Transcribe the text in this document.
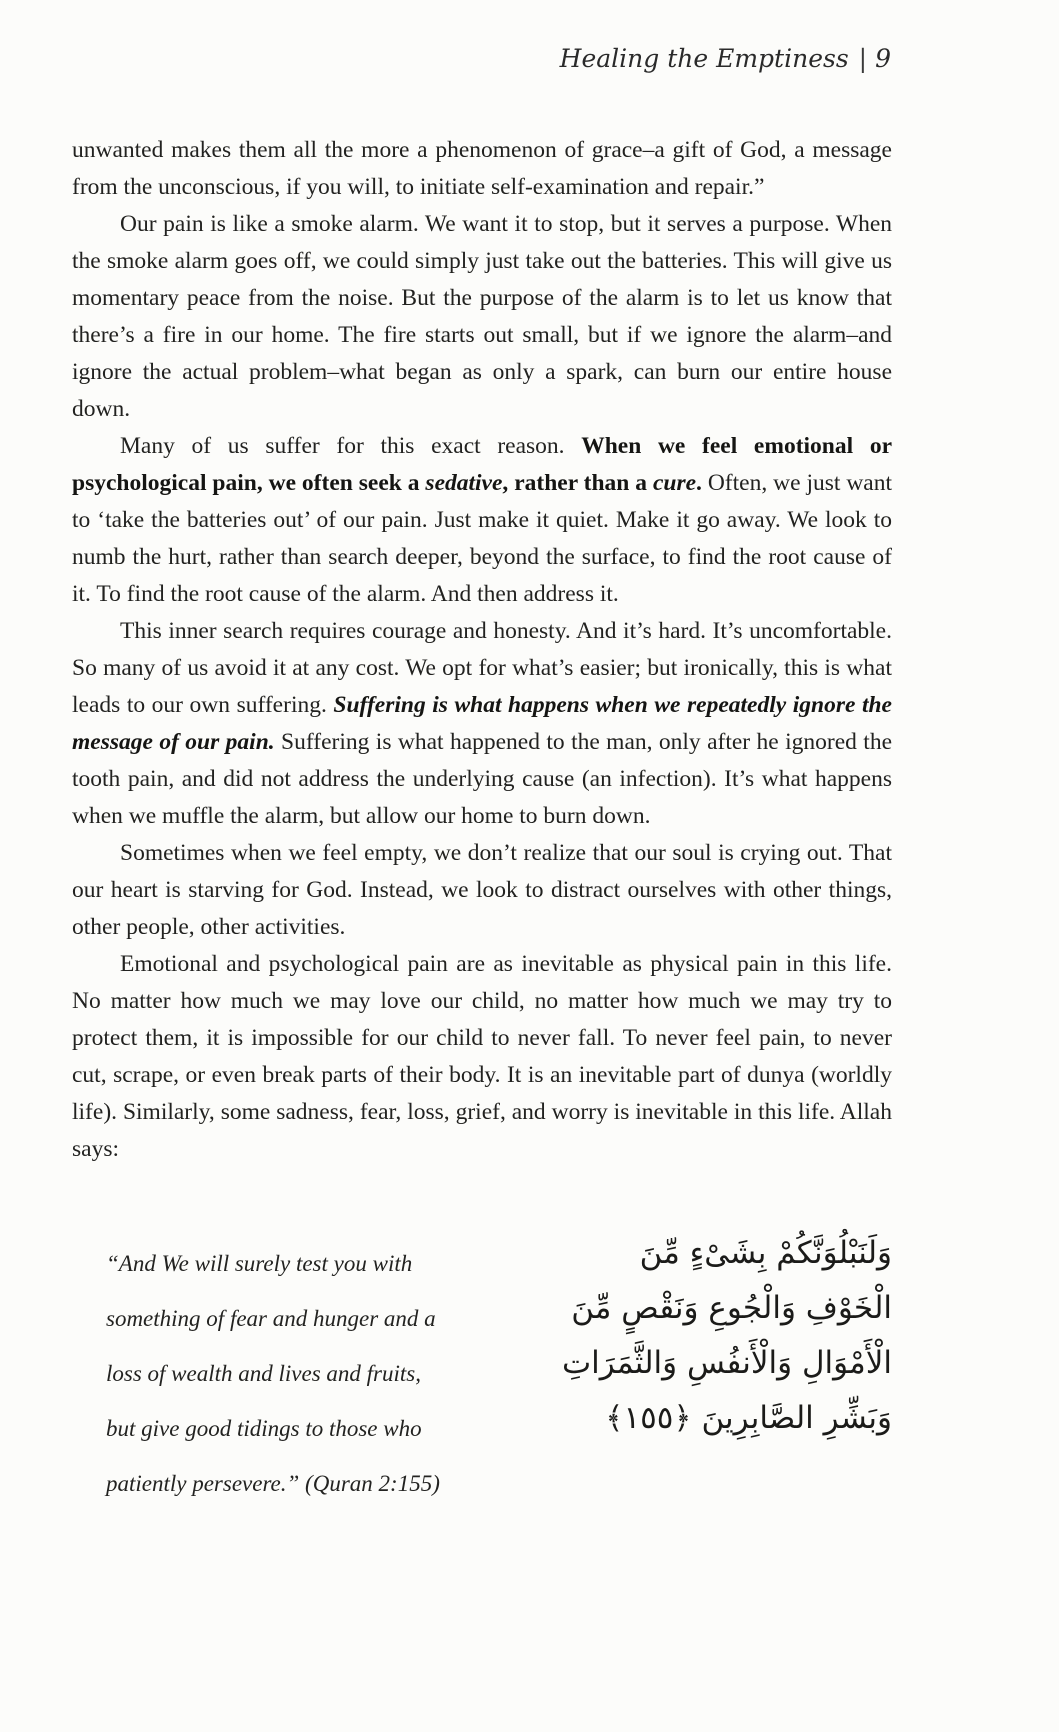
Healing the Emptiness | 9

unwanted makes them all the more a phenomenon of grace–a gift of God, a message from the unconscious, if you will, to initiate self-examination and repair.”

Our pain is like a smoke alarm. We want it to stop, but it serves a purpose. When the smoke alarm goes off, we could simply just take out the batteries. This will give us momentary peace from the noise. But the purpose of the alarm is to let us know that there’s a fire in our home. The fire starts out small, but if we ignore the alarm–and ignore the actual problem–what began as only a spark, can burn our entire house down.

Many of us suffer for this exact reason. When we feel emotional or psychological pain, we often seek a sedative, rather than a cure. Often, we just want to ‘take the batteries out’ of our pain. Just make it quiet. Make it go away. We look to numb the hurt, rather than search deeper, beyond the surface, to find the root cause of it. To find the root cause of the alarm. And then address it.

This inner search requires courage and honesty. And it’s hard. It’s uncomfortable. So many of us avoid it at any cost. We opt for what’s easier; but ironically, this is what leads to our own suffering. Suffering is what happens when we repeatedly ignore the message of our pain. Suffering is what happened to the man, only after he ignored the tooth pain, and did not address the underlying cause (an infection). It’s what happens when we muffle the alarm, but allow our home to burn down.

Sometimes when we feel empty, we don’t realize that our soul is crying out. That our heart is starving for God. Instead, we look to distract ourselves with other things, other people, other activities.

Emotional and psychological pain are as inevitable as physical pain in this life. No matter how much we may love our child, no matter how much we may try to protect them, it is impossible for our child to never fall. To never feel pain, to never cut, scrape, or even break parts of their body. It is an inevitable part of dunya (worldly life). Similarly, some sadness, fear, loss, grief, and worry is inevitable in this life. Allah says:

“And We will surely test you with
something of fear and hunger and a
loss of wealth and lives and fruits,
but give good tidings to those who
patiently persevere.” (Quran 2:155)
وَلَنَبْلُوَنَّكُمْ بِشَىْءٍ مِّنَ
الْخَوْفِ وَالْجُوعِ وَنَقْصٍ مِّنَ
الْأَمْوَالِ وَالْأَنفُسِ وَالثَّمَرَاتِ
وَبَشِّرِ الصَّابِرِينَ ﴿١٥٥﴾
